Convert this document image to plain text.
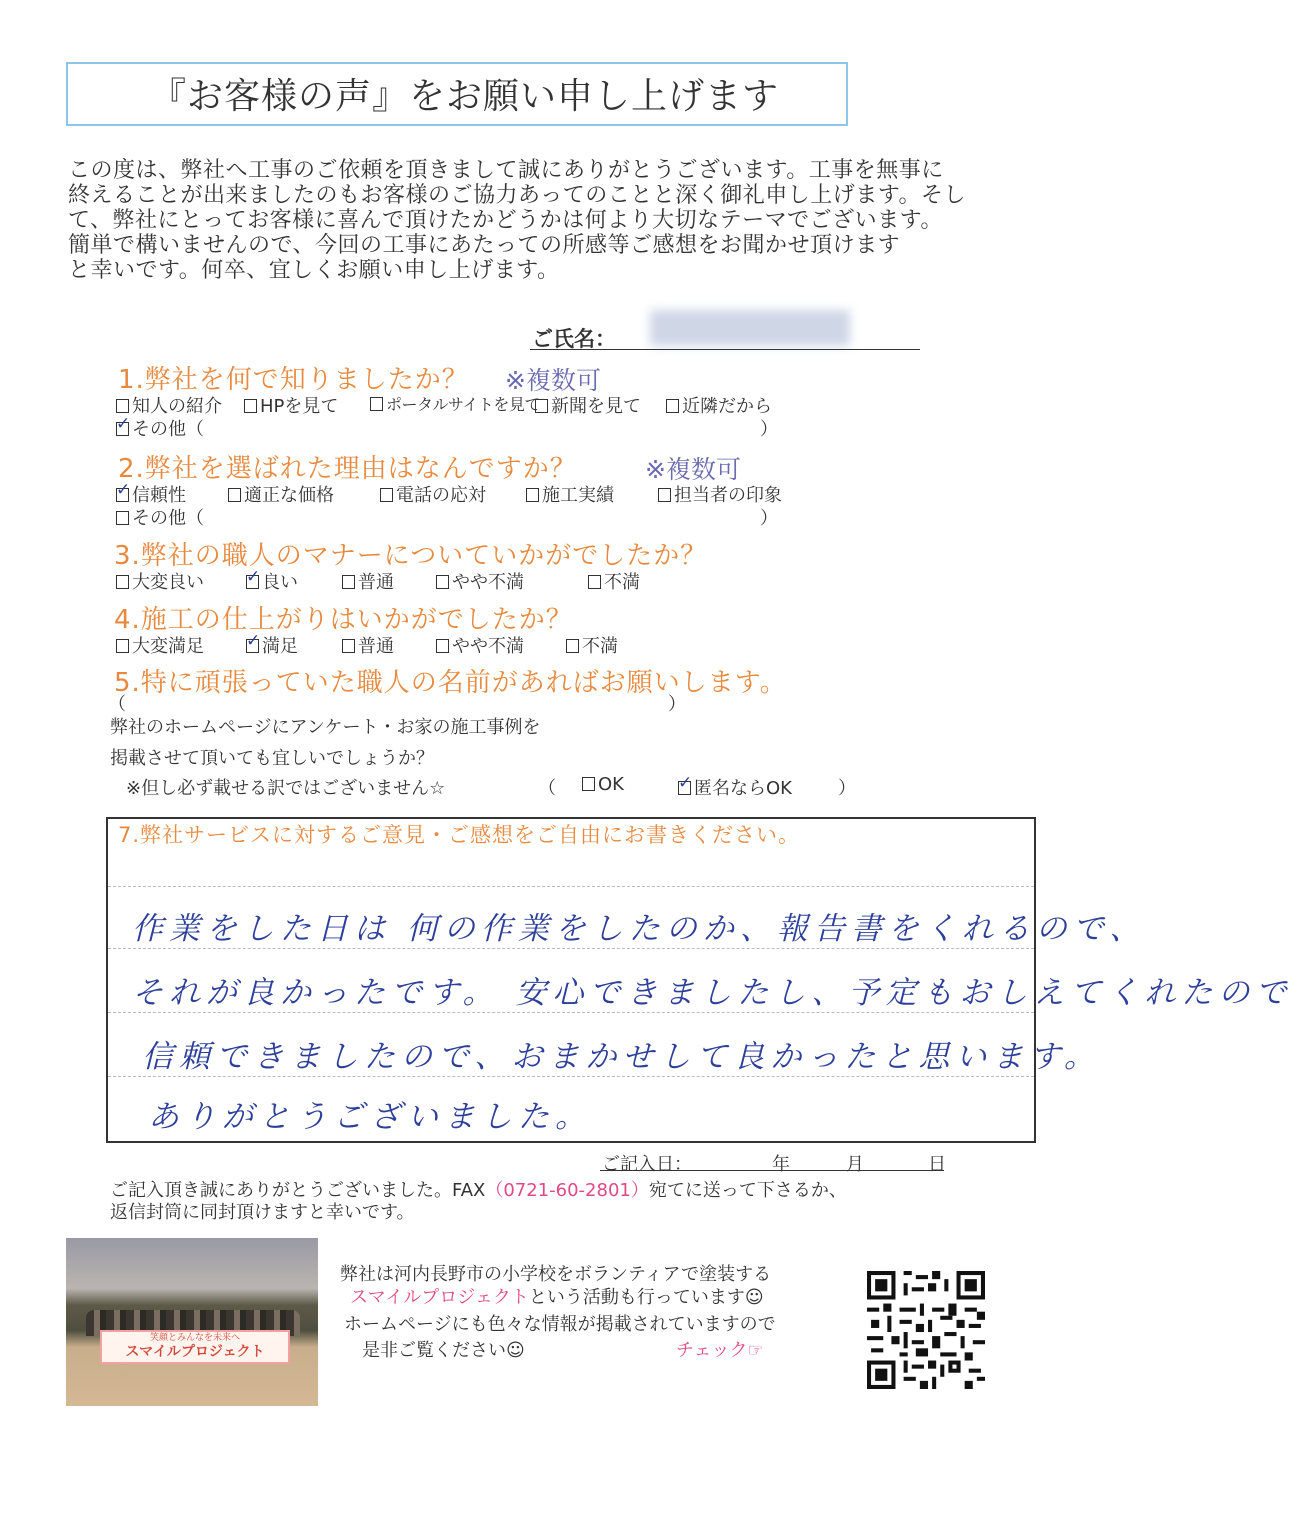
『お客様の声』をお願い申し上げます
この度は、弊社へ工事のご依頼を頂きまして誠にありがとうございます。工事を無事に
終えることが出来ましたのもお客様のご協力あってのことと深く御礼申し上げます。そし
て、弊社にとってお客様に喜んで頂けたかどうかは何より大切なテーマでございます。
簡単で構いませんので、今回の工事にあたっての所感等ご感想をお聞かせ頂けます
と幸いです。何卒、宜しくお願い申し上げます。
ご氏名：
1.弊社を何で知りましたか？ ※複数可
知人の紹介	HPを見て	ポータルサイトを見て 新聞を見て	近隣だから
✓その他（	）
2.弊社を選ばれた理由はなんですか？	※複数可
✓信頼性	適正な価格	電話の応対	施工実績	担当者の印象
その他（	）
3.弊社の職人のマナーについていかがでしたか？
大変良い ✓	良い	普通	やや不満	不満
4.施工の仕上がりはいかがでしたか？
大変満足 ✓	満足	普通	やや不満	不満
5.特に頑張っていた職人の名前があればお願いします。
（	）
弊社のホームページにアンケート・お家の施工事例を
掲載させて頂いても宜しいでしょうか？
※但し必ず載せる訳ではございません☆	（	OK ✓	匿名ならOK	）
7.弊社サービスに対するご意見・ご感想をご自由にお書きください。
作業をした日は 何の作業をしたのか、報告書をくれるので、
それが良かったです。 安心できましたし、予定もおしえてくれたので
信頼できましたので、おまかせして良かったと思います。
ありがとうございました。
ご記入日：	年	月	日
ご記入頂き誠にありがとうございました。FAX（0721-60-2801）宛てに送って下さるか、
返信封筒に同封頂けますと幸いです。
笑顔とみんなを未来へ
スマイルプロジェクト
弊社は河内長野市の小学校をボランティアで塗装する
スマイルプロジェクトという活動も行っています☺
ホームページにも色々な情報が掲載されていますので
是非ご覧ください☺	チェック☞
